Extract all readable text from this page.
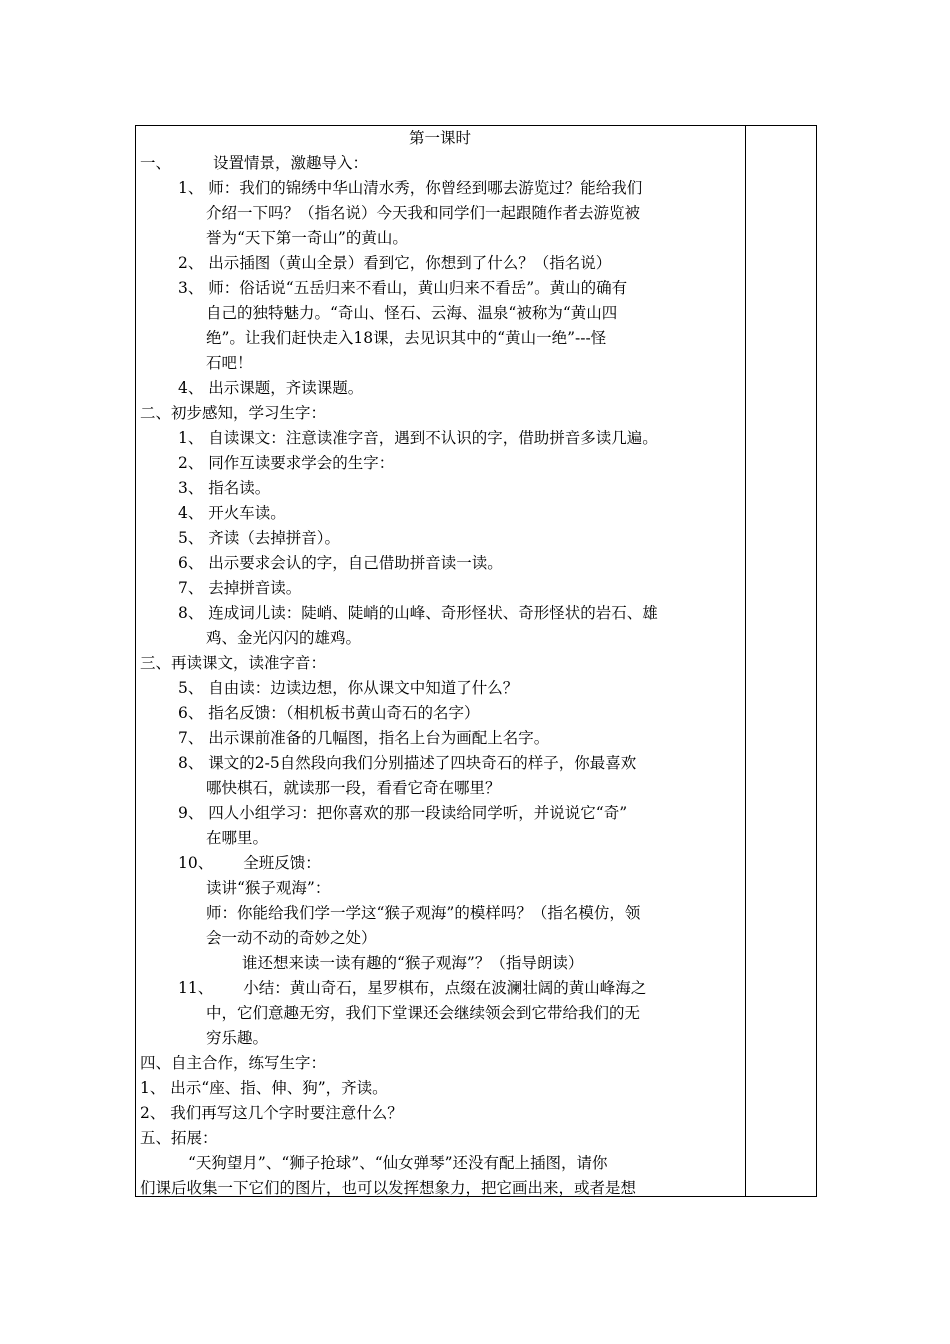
第一课时
一、	设置情景，激趣导入：
1、 师：我们的锦绣中华山清水秀，你曾经到哪去游览过？能给我们
介绍一下吗？（指名说）今天我和同学们一起跟随作者去游览被
誉为“天下第一奇山”的黄山。
2、 出示插图（黄山全景）看到它，你想到了什么？（指名说）
3、 师：俗话说“五岳归来不看山，黄山归来不看岳”。黄山的确有
自己的独特魅力。“奇山、怪石、云海、温泉“被称为“黄山四
绝”。让我们赶快走入18课，去见识其中的“黄山一绝”---怪
石吧！
4、 出示课题，齐读课题。
二、初步感知，学习生字：
1、 自读课文：注意读准字音，遇到不认识的字，借助拼音多读几遍。
2、 同作互读要求学会的生字：
3、 指名读。
4、 开火车读。
5、 齐读（去掉拼音）。
6、 出示要求会认的字，自己借助拼音读一读。
7、 去掉拼音读。
8、 连成词儿读：陡峭、陡峭的山峰、奇形怪状、奇形怪状的岩石、雄
鸡、金光闪闪的雄鸡。
三、再读课文，读准字音：
5、 自由读：边读边想，你从课文中知道了什么？
6、 指名反馈：（相机板书黄山奇石的名字）
7、 出示课前准备的几幅图，指名上台为画配上名字。
8、 课文的2-5自然段向我们分别描述了四块奇石的样子，你最喜欢
哪快棋石，就读那一段，看看它奇在哪里？
9、 四人小组学习：把你喜欢的那一段读给同学听，并说说它“奇”
在哪里。
10、 全班反馈：
读讲“猴子观海”：
师：你能给我们学一学这“猴子观海”的模样吗？（指名模仿，领
会一动不动的奇妙之处）
谁还想来读一读有趣的“猴子观海”？（指导朗读）
11、 小结：黄山奇石，星罗棋布，点缀在波澜壮阔的黄山峰海之
中，它们意趣无穷，我们下堂课还会继续领会到它带给我们的无
穷乐趣。
四、自主合作，练写生字：
1、 出示“座、指、伸、狗”，齐读。
2、 我们再写这几个字时要注意什么？
五、拓展：
“天狗望月”、“狮子抢球”、“仙女弹琴”还没有配上插图，请你
们课后收集一下它们的图片，也可以发挥想象力，把它画出来，或者是想
